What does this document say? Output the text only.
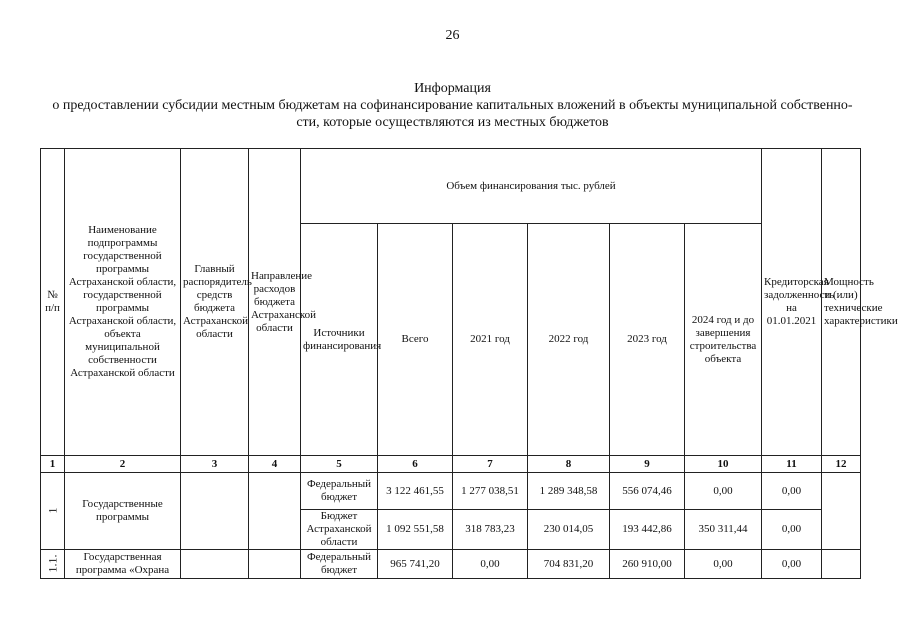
26
Информация
о предоставлении субсидии местным бюджетам на софинансирование капитальных вложений в объекты муниципальной собственно-
сти, которые осуществляются из местных бюджетов
№ п/п	Наименование подпрограммы государственной программы Астраханской области, государственной программы Астраханской области, объекта муниципальной собственности Астраханской области	Главный распорядитель средств бюджета Астраханской области	Направление расходов бюджета Астраханской области	Объем финансирования тыс. рублей						Кредиторская задолженность на 01.01.2021	Мощность и (или) технические характеристики
				Источники финансирования	Всего	2021 год	2022 год	2023 год	2024 год и до завершения строительства объекта		
1	2	3	4	5	6	7	8	9	10	11	12
1	Государственные программы			Федеральный бюджет	3 122 461,55	1 277 038,51	1 289 348,58	556 074,46	0,00	0,00	
				Бюджет Астраханской области	1 092 551,58	318 783,23	230 014,05	193 442,86	350 311,44	0,00	
1.1.	Государственная программа «Охрана			Федеральный бюджет	965 741,20	0,00	704 831,20	260 910,00	0,00	0,00	
